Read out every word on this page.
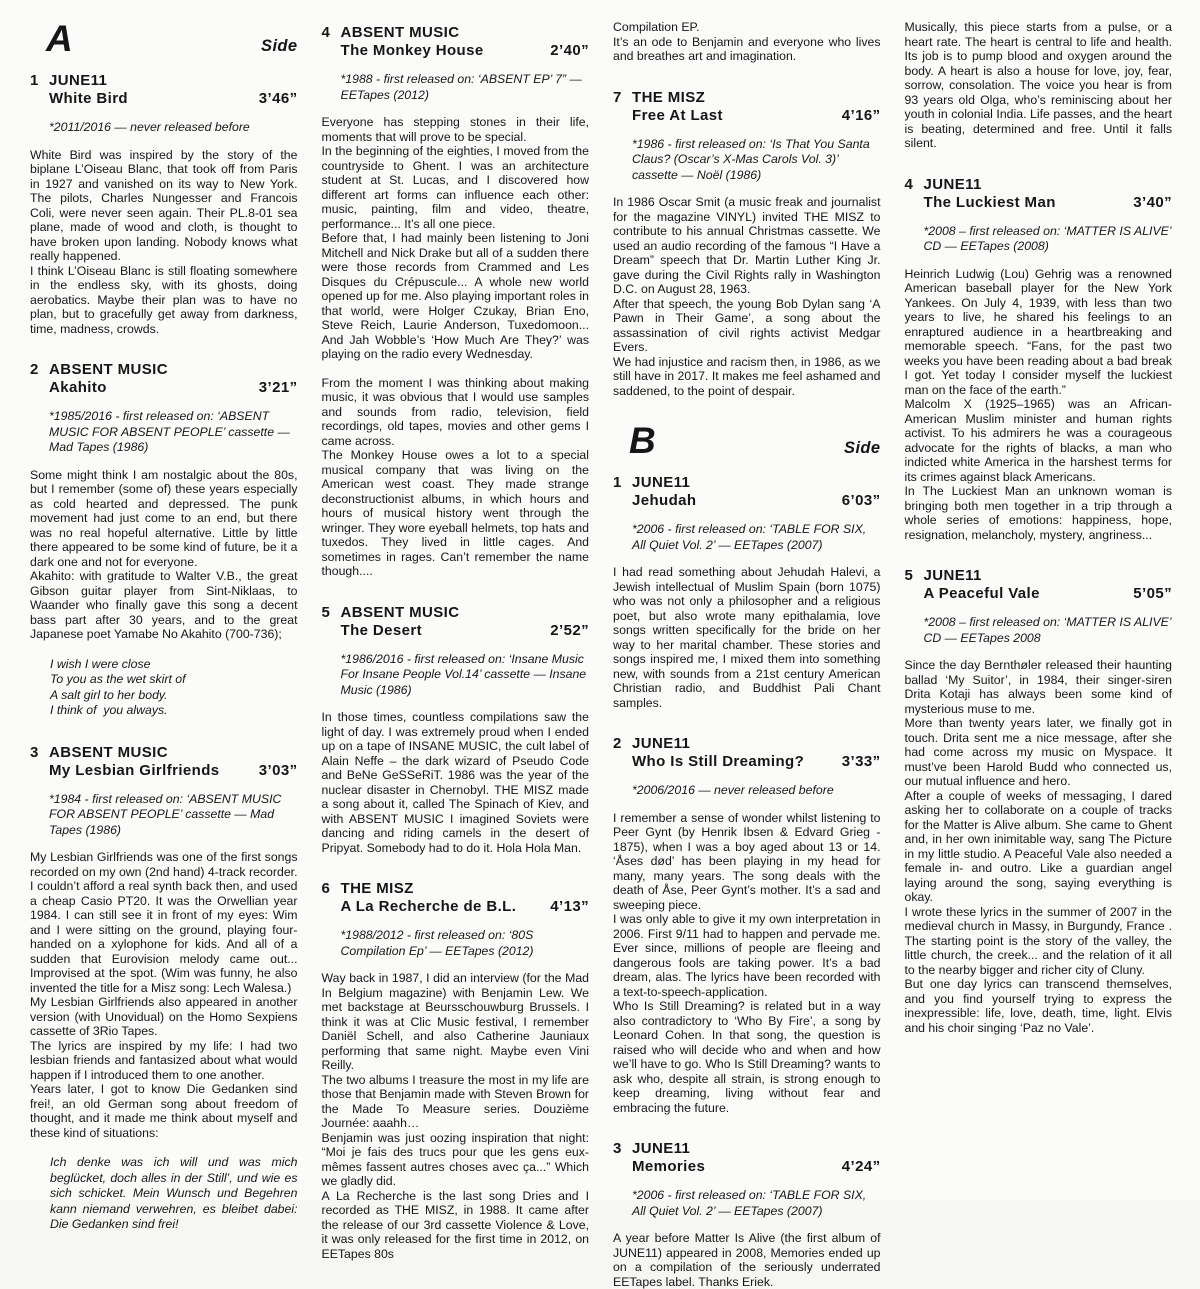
A	Side
1 JUNE11
White Bird	3’46”

*2011/2016 — never released before

White Bird was inspired by the story of the biplane L’Oiseau Blanc, that took off from Paris in 1927 and vanished on its way to New York. The pilots, Charles Nungesser and Francois Coli, were never seen again. Their PL.8-01 sea plane, made of wood and cloth, is thought to have broken upon landing. Nobody knows what really happened.

I think L’Oiseau Blanc is still floating somewhere in the endless sky, with its ghosts, doing aerobatics. Maybe their plan was to have no plan, but to gracefully get away from darkness, time, madness, crowds.

2 ABSENT MUSIC
Akahito	3’21”

*1985/2016 - first released on: ‘ABSENT MUSIC FOR ABSENT PEOPLE’ cassette — Mad Tapes (1986)

Some might think I am nostalgic about the 80s, but I remember (some of) these years especially as cold hearted and depressed. The punk movement had just come to an end, but there was no real hopeful alternative. Little by little there appeared to be some kind of future, be it a dark one and not for everyone.

Akahito: with gratitude to Walter V.B., the great Gibson guitar player from Sint-Niklaas, to Waander who finally gave this song a decent bass part after 30 years, and to the great Japanese poet Yamabe No Akahito (700-736);

I wish I were close
To you as the wet skirt of
A salt girl to her body.
I think of  you always.
3 ABSENT MUSIC
My Lesbian Girlfriends	3’03”

*1984 - first released on: ‘ABSENT MUSIC FOR ABSENT PEOPLE’ cassette — Mad Tapes (1986)

My Lesbian Girlfriends was one of the first songs recorded on my own (2nd hand) 4-track recorder. I couldn’t afford a real synth back then, and used a cheap Casio PT20. It was the Orwellian year 1984. I can still see it in front of my eyes: Wim and I were sitting on the ground, playing four-handed on a xylophone for kids. And all of a sudden that Eurovision melody came out... Improvised at the spot. (Wim was funny, he also invented the title for a Misz song: Lech Walesa.)

My Lesbian Girlfriends also appeared in another version (with Unovidual) on the Homo Sexpiens cassette of 3Rio Tapes.

The lyrics are inspired by my life: I had two lesbian friends and fantasized about what would happen if I introduced them to one another.

Years later, I got to know Die Gedanken sind frei!, an old German song about freedom of thought, and it made me think about myself and these kind of situations:

Ich denke was ich will und was mich beglücket, doch alles in der Still’, und wie es sich schicket. Mein Wunsch und Begehren kann niemand verwehren, es bleibet dabei: Die Gedanken sind frei!

4 ABSENT MUSIC
The Monkey House	2’40”

*1988 - first released on: ‘ABSENT EP’ 7” — EETapes (2012)

Everyone has stepping stones in their life, moments that will prove to be special.

In the beginning of the eighties, I moved from the countryside to Ghent. I was an architecture student at St. Lucas, and I discovered how different art forms can influence each other: music, painting, film and video, theatre, performance... It’s all one piece.

Before that, I had mainly been listening to Joni Mitchell and Nick Drake but all of a sudden there were those records from Crammed and Les Disques du Crépuscule... A whole new world opened up for me. Also playing important roles in that world, were Holger Czukay, Brian Eno, Steve Reich, Laurie Anderson, Tuxedomoon... And Jah Wobble’s ‘How Much Are They?’ was playing on the radio every Wednesday.

From the moment I was thinking about making music, it was obvious that I would use samples and sounds from radio, television, field recordings, old tapes, movies and other gems I came across.

The Monkey House owes a lot to a special musical company that was living on the American west coast. They made strange deconstructionist albums, in which hours and hours of musical history went through the wringer. They wore eyeball helmets, top hats and tuxedos. They lived in little cages. And sometimes in rages. Can’t remember the name though....

5 ABSENT MUSIC
The Desert	2’52”

*1986/2016 - first released on: ‘Insane Music For Insane People Vol.14’ cassette — Insane Music (1986)

In those times, countless compilations saw the light of day. I was extremely proud when I ended up on a tape of INSANE MUSIC, the cult label of Alain Neffe – the dark wizard of Pseudo Code and BeNe GeSSeRiT. 1986 was the year of the nuclear disaster in Chernobyl. THE MISZ made a song about it, called The Spinach of Kiev, and with ABSENT MUSIC I imagined Soviets were dancing and riding camels in the desert of Pripyat. Somebody had to do it. Hola Hola Man.

6 THE MISZ
A La Recherche de B.L.	4’13”

*1988/2012 - first released on: ‘80S Compilation Ep’ — EETapes (2012)

Way back in 1987, I did an interview (for the Mad In Belgium magazine) with Benjamin Lew. We met backstage at Beursschouwburg Brussels. I think it was at Clic Music festival, I remember Daniël Schell, and also Catherine Jauniaux performing that same night. Maybe even Vini Reilly.

The two albums I treasure the most in my life are those that Benjamin made with Steven Brown for the Made To Measure series. Douzième Journée: aaahh…

Benjamin was just oozing inspiration that night: “Moi je fais des trucs pour que les gens eux-mêmes fassent autres choses avec ça...” Which we gladly did.

A La Recherche is the last song Dries and I recorded as THE MISZ, in 1988. It came after the release of our 3rd cassette Violence & Love, it was only released for the first time in 2012, on EETapes 80s

Compilation EP.

It’s an ode to Benjamin and everyone who lives and breathes art and imagination.

7 THE MISZ
Free At Last	4’16”

*1986 - first released on: ‘Is That You Santa Claus? (Oscar’s X-Mas Carols Vol. 3)’ cassette — Noël (1986)

In 1986 Oscar Smit (a music freak and journalist for the magazine VINYL) invited THE MISZ to contribute to his annual Christmas cassette. We used an audio recording of the famous “I Have a Dream” speech that Dr. Martin Luther King Jr. gave during the Civil Rights rally in Washington D.C. on August 28, 1963.

After that speech, the young Bob Dylan sang ‘A Pawn in Their Game’, a song about the assassination of civil rights activist Medgar Evers.

We had injustice and racism then, in 1986, as we still have in 2017. It makes me feel ashamed and saddened, to the point of despair.

B	Side
1 JUNE11
Jehudah	6’03”

*2006 - first released on: ‘TABLE FOR SIX, All Quiet Vol. 2’ — EETapes (2007)

I had read something about Jehudah Halevi, a Jewish intellectual of Muslim Spain (born 1075) who was not only a philosopher and a religious poet, but also wrote many epithalamia, love songs written specifically for the bride on her way to her marital chamber. These stories and songs inspired me, I mixed them into something new, with sounds from a 21st century American Christian radio, and Buddhist Pali Chant samples.

2 JUNE11
Who Is Still Dreaming?	3’33”

*2006/2016 — never released before

I remember a sense of wonder whilst listening to Peer Gynt (by Henrik Ibsen & Edvard Grieg - 1875), when I was a boy aged about 13 or 14. ‘Åses død’ has been playing in my head for many, many years. The song deals with the death of Åse, Peer Gynt’s mother. It’s a sad and sweeping piece.

I was only able to give it my own interpretation in 2006. First 9/11 had to happen and pervade me. Ever since, millions of people are fleeing and dangerous fools are taking power. It’s a bad dream, alas. The lyrics have been recorded with a text-to-speech-application.

Who Is Still Dreaming? is related but in a way also contradictory to ‘Who By Fire’, a song by Leonard Cohen. In that song, the question is raised who will decide who and when and how we’ll have to go. Who Is Still Dreaming? wants to ask who, despite all strain, is strong enough to keep dreaming, living without fear and embracing the future.

3 JUNE11
Memories	4’24”

*2006 - first released on: ‘TABLE FOR SIX, All Quiet Vol. 2’ — EETapes (2007)

A year before Matter Is Alive (the first album of JUNE11) appeared in 2008, Memories ended up on a compilation of the seriously underrated EETapes label. Thanks Eriek.

Musically, this piece starts from a pulse, or a heart rate. The heart is central to life and health. Its job is to pump blood and oxygen around the body. A heart is also a house for love, joy, fear, sorrow, consolation. The voice you hear is from 93 years old Olga, who’s reminiscing about her youth in colonial India. Life passes, and the heart is beating, determined and free. Until it falls silent.

4 JUNE11
The Luckiest Man	3’40”

*2008 – first released on: ‘MATTER IS ALIVE’ CD — EETapes (2008)

Heinrich Ludwig (Lou) Gehrig was a renowned American baseball player for the New York Yankees. On July 4, 1939, with less than two years to live, he shared his feelings to an enraptured audience in a heartbreaking and memorable speech. “Fans, for the past two weeks you have been reading about a bad break I got. Yet today I consider myself the luckiest man on the face of the earth.”

Malcolm X (1925–1965) was an African-American Muslim minister and human rights activist. To his admirers he was a courageous advocate for the rights of blacks, a man who indicted white America in the harshest terms for its crimes against black Americans.

In The Luckiest Man an unknown woman is bringing both men together in a trip through a whole series of emotions: happiness, hope, resignation, melancholy, mystery, angriness...

5 JUNE11
A Peaceful Vale	5’05”

*2008 – first released on: ‘MATTER IS ALIVE’ CD — EETapes 2008

Since the day Bernthøler released their haunting ballad ‘My Suitor’, in 1984, their singer-siren Drita Kotaji has always been some kind of mysterious muse to me.

More than twenty years later, we finally got in touch. Drita sent me a nice message, after she had come across my music on Myspace. It must’ve been Harold Budd who connected us, our mutual influence and hero.

After a couple of weeks of messaging, I dared asking her to collaborate on a couple of tracks for the Matter is Alive album. She came to Ghent and, in her own inimitable way, sang The Picture in my little studio. A Peaceful Vale also needed a female in- and outro. Like a guardian angel laying around the song, saying everything is okay.

I wrote these lyrics in the summer of 2007 in the medieval church in Massy, in Burgundy, France . The starting point is the story of the valley, the little church, the creek... and the relation of it all to the nearby bigger and richer city of Cluny.

But one day lyrics can transcend themselves, and you find yourself trying to express the inexpressible: life, love, death, time, light. Elvis and his choir singing ‘Paz no Vale’.
